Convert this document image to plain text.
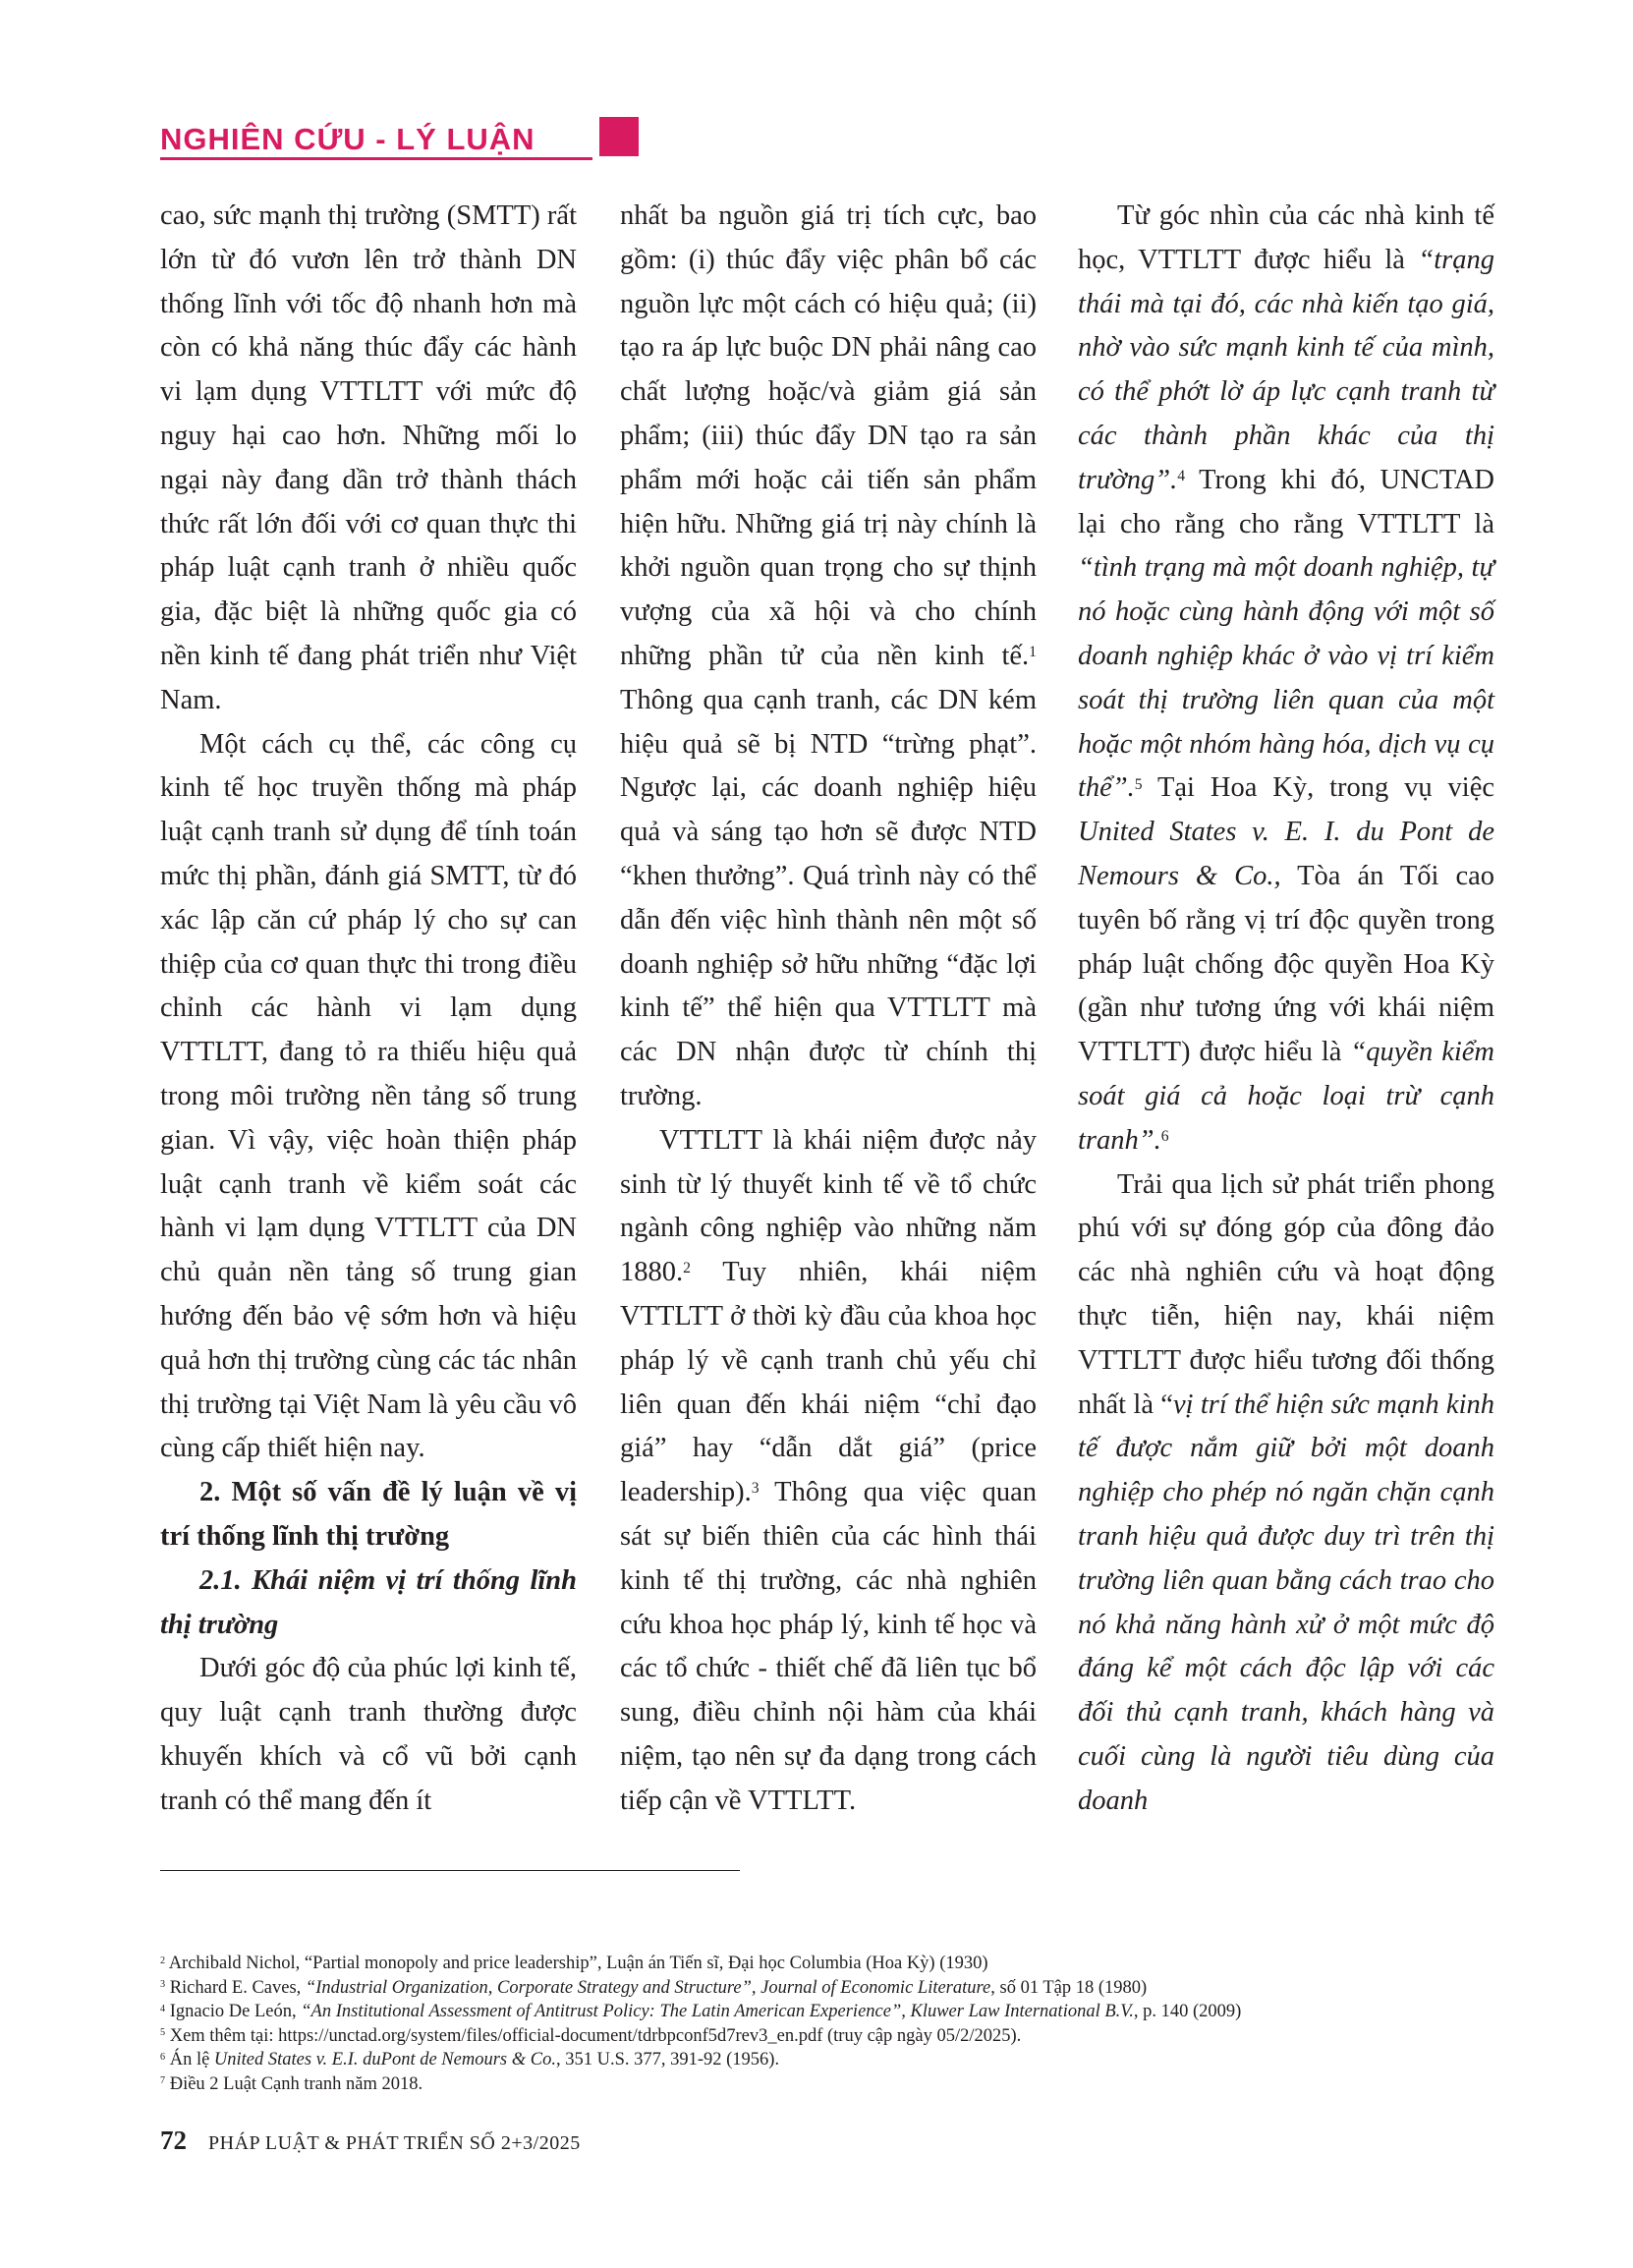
NGHIÊN CỨU - LÝ LUẬN

cao, sức mạnh thị trường (SMTT) rất lớn từ đó vươn lên trở thành DN thống lĩnh với tốc độ nhanh hơn mà còn có khả năng thúc đẩy các hành vi lạm dụng VTTLTT với mức độ nguy hại cao hơn. Những mối lo ngại này đang dần trở thành thách thức rất lớn đối với cơ quan thực thi pháp luật cạnh tranh ở nhiều quốc gia, đặc biệt là những quốc gia có nền kinh tế đang phát triển như Việt Nam.

Một cách cụ thể, các công cụ kinh tế học truyền thống mà pháp luật cạnh tranh sử dụng để tính toán mức thị phần, đánh giá SMTT, từ đó xác lập căn cứ pháp lý cho sự can thiệp của cơ quan thực thi trong điều chỉnh các hành vi lạm dụng VTTLTT, đang tỏ ra thiếu hiệu quả trong môi trường nền tảng số trung gian. Vì vậy, việc hoàn thiện pháp luật cạnh tranh về kiểm soát các hành vi lạm dụng VTTLTT của DN chủ quản nền tảng số trung gian hướng đến bảo vệ sớm hơn và hiệu quả hơn thị trường cùng các tác nhân thị trường tại Việt Nam là yêu cầu vô cùng cấp thiết hiện nay.

2. Một số vấn đề lý luận về vị trí thống lĩnh thị trường

2.1. Khái niệm vị trí thống lĩnh thị trường

Dưới góc độ của phúc lợi kinh tế, quy luật cạnh tranh thường được khuyến khích và cổ vũ bởi cạnh tranh có thể mang đến ít

nhất ba nguồn giá trị tích cực, bao gồm: (i) thúc đẩy việc phân bổ các nguồn lực một cách có hiệu quả; (ii) tạo ra áp lực buộc DN phải nâng cao chất lượng hoặc/và giảm giá sản phẩm; (iii) thúc đẩy DN tạo ra sản phẩm mới hoặc cải tiến sản phẩm hiện hữu. Những giá trị này chính là khởi nguồn quan trọng cho sự thịnh vượng của xã hội và cho chính những phần tử của nền kinh tế.$^1$ Thông qua cạnh tranh, các DN kém hiệu quả sẽ bị NTD “trừng phạt”. Ngược lại, các doanh nghiệp hiệu quả và sáng tạo hơn sẽ được NTD “khen thưởng”. Quá trình này có thể dẫn đến việc hình thành nên một số doanh nghiệp sở hữu những “đặc lợi kinh tế” thể hiện qua VTTLTT mà các DN nhận được từ chính thị trường.

VTTLTT là khái niệm được nảy sinh từ lý thuyết kinh tế về tổ chức ngành công nghiệp vào những năm 1880.$^2$ Tuy nhiên, khái niệm VTTLTT ở thời kỳ đầu của khoa học pháp lý về cạnh tranh chủ yếu chỉ liên quan đến khái niệm “chỉ đạo giá” hay “dẫn dắt giá” (price leadership).$^3$ Thông qua việc quan sát sự biến thiên của các hình thái kinh tế thị trường, các nhà nghiên cứu khoa học pháp lý, kinh tế học và các tổ chức - thiết chế đã liên tục bổ sung, điều chỉnh nội hàm của khái niệm, tạo nên sự đa dạng trong cách tiếp cận về VTTLTT.

Từ góc nhìn của các nhà kinh tế học, VTTLTT được hiểu là “trạng thái mà tại đó, các nhà kiến tạo giá, nhờ vào sức mạnh kinh tế của mình, có thể phớt lờ áp lực cạnh tranh từ các thành phần khác của thị trường”.$^4$ Trong khi đó, UNCTAD lại cho rằng cho rằng VTTLTT là “tình trạng mà một doanh nghiệp, tự nó hoặc cùng hành động với một số doanh nghiệp khác ở vào vị trí kiểm soát thị trường liên quan của một hoặc một nhóm hàng hóa, dịch vụ cụ thể”.$^5$ Tại Hoa Kỳ, trong vụ việc United States v. E. I. du Pont de Nemours & Co., Tòa án Tối cao tuyên bố rằng vị trí độc quyền trong pháp luật chống độc quyền Hoa Kỳ (gần như tương ứng với khái niệm VTTLTT) được hiểu là “quyền kiểm soát giá cả hoặc loại trừ cạnh tranh”.$^6$

Trải qua lịch sử phát triển phong phú với sự đóng góp của đông đảo các nhà nghiên cứu và hoạt động thực tiễn, hiện nay, khái niệm VTTLTT được hiểu tương đối thống nhất là “vị trí thể hiện sức mạnh kinh tế được nắm giữ bởi một doanh nghiệp cho phép nó ngăn chặn cạnh tranh hiệu quả được duy trì trên thị trường liên quan bằng cách trao cho nó khả năng hành xử ở một mức độ đáng kể một cách độc lập với các đối thủ cạnh tranh, khách hàng và cuối cùng là người tiêu dùng của doanh

$^2$ Archibald Nichol, “Partial monopoly and price leadership”, Luận án Tiến sĩ, Đại học Columbia (Hoa Kỳ) (1930)

$^3$ Richard E. Caves, “Industrial Organization, Corporate Strategy and Structure”, Journal of Economic Literature, số 01 Tập 18 (1980)

$^4$ Ignacio De León, “An Institutional Assessment of Antitrust Policy: The Latin American Experience”, Kluwer Law International B.V., p. 140 (2009)

$^5$ Xem thêm tại: https://unctad.org/system/files/official-document/tdrbpconf5d7rev3_en.pdf (truy cập ngày 05/2/2025).

$^6$ Án lệ United States v. E.I. duPont de Nemours & Co., 351 U.S. 377, 391-92 (1956).

$^7$ Điều 2 Luật Cạnh tranh năm 2018.

72 PHÁP LUẬT & PHÁT TRIỂN SỐ 2+3/2025
